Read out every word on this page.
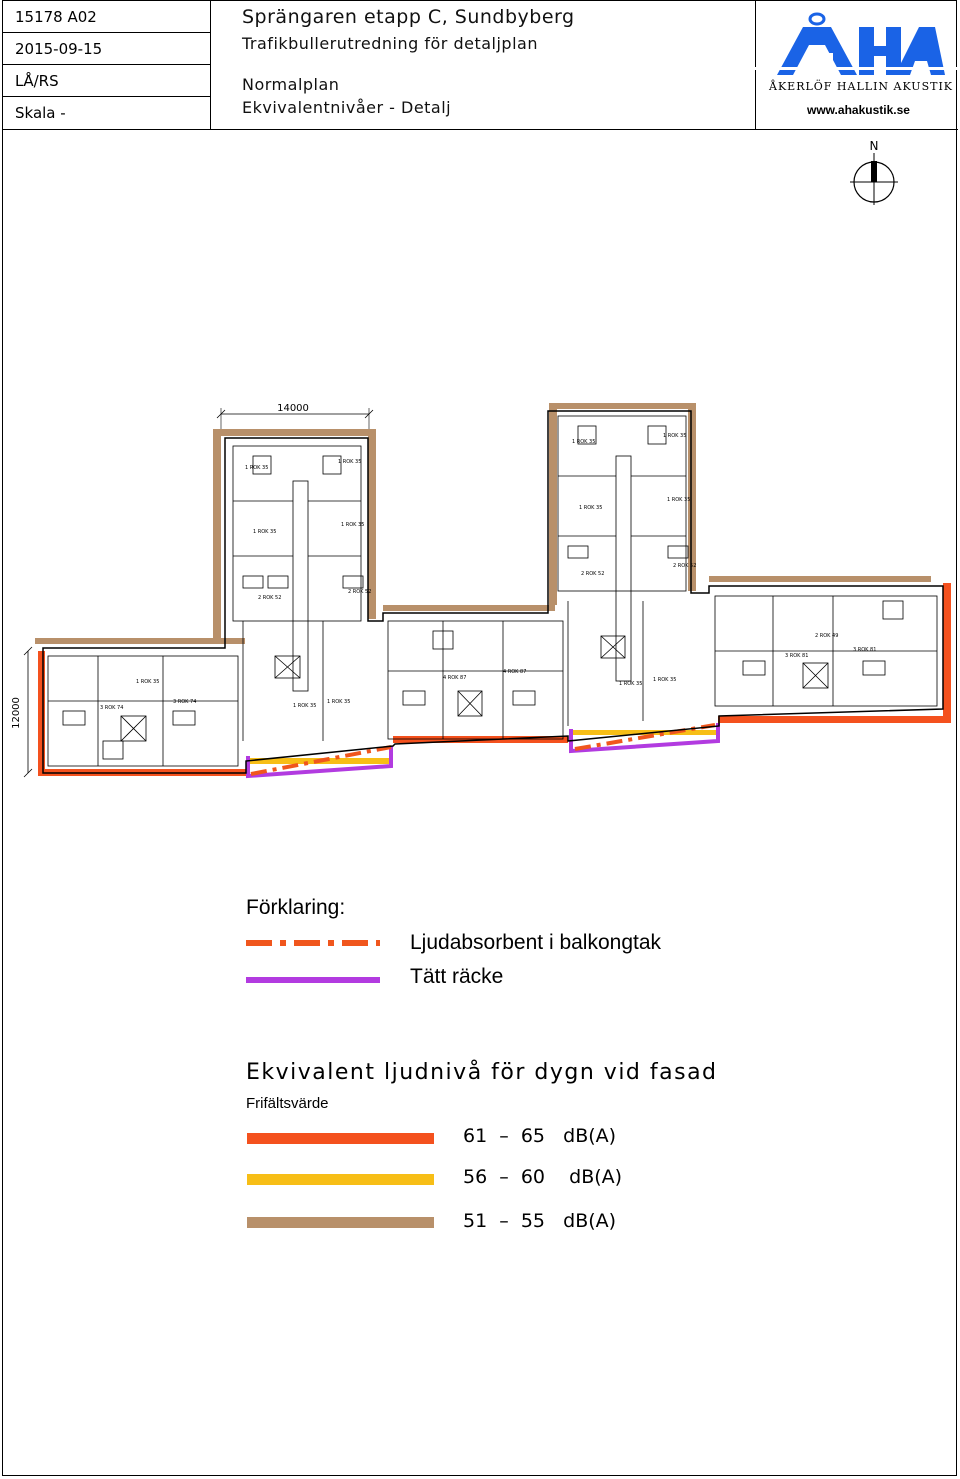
15178 A02
2015-09-15
LÅ/RS
Skala -
Sprängaren etapp C, Sundbyberg
Trafikbullerutredning för detaljplan
Normalplan
Ekvivalentnivåer - Detalj
ÅKERLÖF HALLIN AKUSTIK
www.ahakustik.se
N
14000
12000
1 ROK 35
1 ROK 35
1 ROK 35
1 ROK 35
2 ROK 52
2 ROK 52
3 ROK 74
3 ROK 74
1 ROK 35
1 ROK 35
1 ROK 35
4 ROK 87
4 ROK 87
1 ROK 35
1 ROK 35
1 ROK 35
1 ROK 35
2 ROK 52
2 ROK 52
1 ROK 35
1 ROK 35
3 ROK 81
3 ROK 81
2 ROK 49
Förklaring:
Ljudabsorbent i balkongtak
Tätt räcke
Ekvivalent ljudnivå för dygn vid fasad
Frifältsvärde
61  –  65   dB(A)
56  –  60    dB(A)
51  –  55   dB(A)
